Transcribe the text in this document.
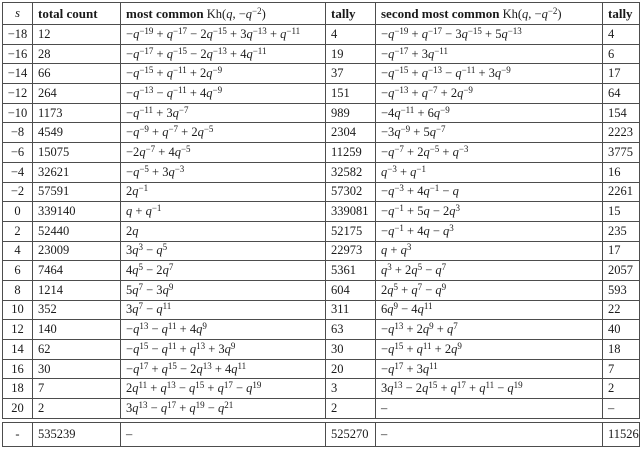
s	total count	most common Kh(q, $-q^{-2}$)	tally	second most common Kh(q, $-q^{-2}$)	tally
−18	12	$-q^{-19} + q^{-17} - 2q^{-15} + 3q^{-13} + q^{-11}$	4	$-q^{-19} + q^{-17} - 3q^{-15} + 5q^{-13}$	4
−16	28	$-q^{-17} + q^{-15} - 2q^{-13} + 4q^{-11}$	19	$-q^{-17} + 3q^{-11}$	6
−14	66	$-q^{-15} + q^{-11} + 2q^{-9}$	37	$-q^{-15} + q^{-13} - q^{-11} + 3q^{-9}$	17
−12	264	$-q^{-13} - q^{-11} + 4q^{-9}$	151	$-q^{-13} + q^{-7} + 2q^{-9}$	64
−10	1173	$-q^{-11} + 3q^{-7}$	989	$-4q^{-11} + 6q^{-9}$	154
−8	4549	$-q^{-9} + q^{-7} + 2q^{-5}$	2304	$-3q^{-9} + 5q^{-7}$	2223
−6	15075	$-2q^{-7} + 4q^{-5}$	11259	$-q^{-7} + 2q^{-5} + q^{-3}$	3775
−4	32621	$-q^{-5} + 3q^{-3}$	32582	$q^{-3} + q^{-1}$	16
−2	57591	$2q^{-1}$	57302	$-q^{-3} + 4q^{-1} - q$	2261
0	339140	$q + q^{-1}$	339081	$-q^{-1} + 5q - 2q^3$	15
2	52440	2q	52175	$-q^{-1} + 4q - q^3$	235
4	23009	$3q^3 - q^5$	22973	$q + q^3$	17
6	7464	$4q^5 - 2q^7$	5361	$q^3 + 2q^5 - q^7$	2057
8	1214	$5q^7 - 3q^9$	604	$2q^5 + q^7 - q^9$	593
10	352	$3q^7 - q^{11}$	311	$6q^9 - 4q^{11}$	22
12	140	$-q^{13} - q^{11} + 4q^9$	63	$-q^{13} + 2q^9 + q^7$	40
14	62	$-q^{15} - q^{11} + q^{13} + 3q^9$	30	$-q^{15} + q^{11} + 2q^9$	18
16	30	$-q^{17} + q^{15} - 2q^{13} + 4q^{11}$	20	$-q^{17} + 3q^{11}$	7
18	7	$2q^{11} + q^{13} - q^{15} + q^{17} - q^{19}$	3	$3q^{13} - 2q^{15} + q^{17} + q^{11} - q^{19}$	2
20	2	$3q^{13} - q^{17} + q^{19} - q^{21}$	2	–	–
-	535239	–	525270	–	11526
